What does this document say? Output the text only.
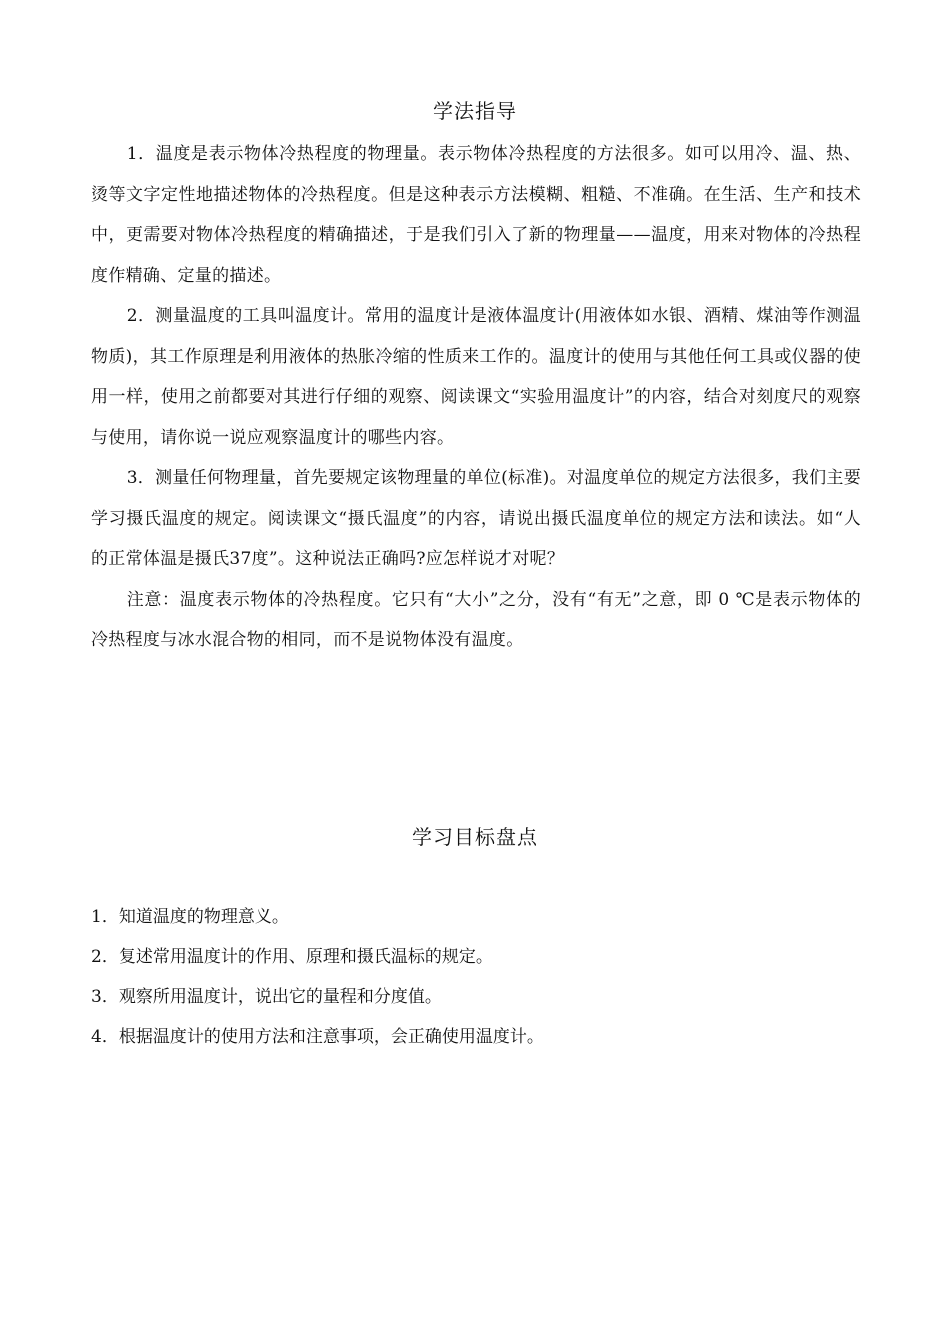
学法指导

1．温度是表示物体冷热程度的物理量。表示物体冷热程度的方法很多。如可以用冷、温、热、烫等文字定性地描述物体的冷热程度。但是这种表示方法模糊、粗糙、不准确。在生活、生产和技术中，更需要对物体冷热程度的精确描述，于是我们引入了新的物理量——温度，用来对物体的冷热程度作精确、定量的描述。

2．测量温度的工具叫温度计。常用的温度计是液体温度计(用液体如水银、酒精、煤油等作测温物质)，其工作原理是利用液体的热胀冷缩的性质来工作的。温度计的使用与其他任何工具或仪器的使用一样，使用之前都要对其进行仔细的观察、阅读课文“实验用温度计”的内容，结合对刻度尺的观察与使用，请你说一说应观察温度计的哪些内容。

3．测量任何物理量，首先要规定该物理量的单位(标准)。对温度单位的规定方法很多，我们主要学习摄氏温度的规定。阅读课文“摄氏温度”的内容，请说出摄氏温度单位的规定方法和读法。如“人的正常体温是摄氏37度”。这种说法正确吗?应怎样说才对呢？

注意：温度表示物体的冷热程度。它只有“大小”之分，没有“有无”之意，即 0 ℃是表示物体的冷热程度与冰水混合物的相同，而不是说物体没有温度。

学习目标盘点

1．知道温度的物理意义。

2．复述常用温度计的作用、原理和摄氏温标的规定。

3．观察所用温度计，说出它的量程和分度值。

4．根据温度计的使用方法和注意事项，会正确使用温度计。
